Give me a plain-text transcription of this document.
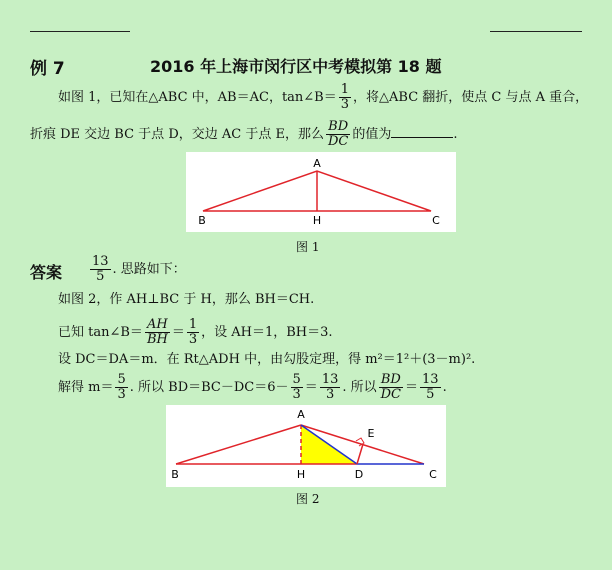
例 7	2016 年上海市闵行区中考模拟第 18 题
如图 1，已知在△ABC 中，AB＝AC，tan∠B＝ $\frac{1}{3}$ ，将△ABC 翻折，使点 C 与点 A 重合，
折痕 DE 交边 BC 于点 D，交边 AC 于点 E，那么 $\frac{BD}{DC}$ 的值为	.
A
B	H	C
图 1
答案 $\frac{13}{5}$ . 思路如下：
如图 2，作 AH⊥BC 于 H，那么 BH＝CH.
已知 tan∠B＝ $\frac{AH}{BH} = \frac{1}{3}$ ，设 AH＝1，BH＝3.
设 DC＝DA＝m．在 Rt△ADH 中，由勾股定理，得 m²＝1²＋(3－m)².
解得 $m= \frac{5}{3}$ . 所以 $BD=BC-DC=6- \frac{5}{3} = \frac{13}{3}$ . 所以 $\frac{BD}{DC} = \frac{13}{5}$ .
A
B	H	D	C
E
图 2
